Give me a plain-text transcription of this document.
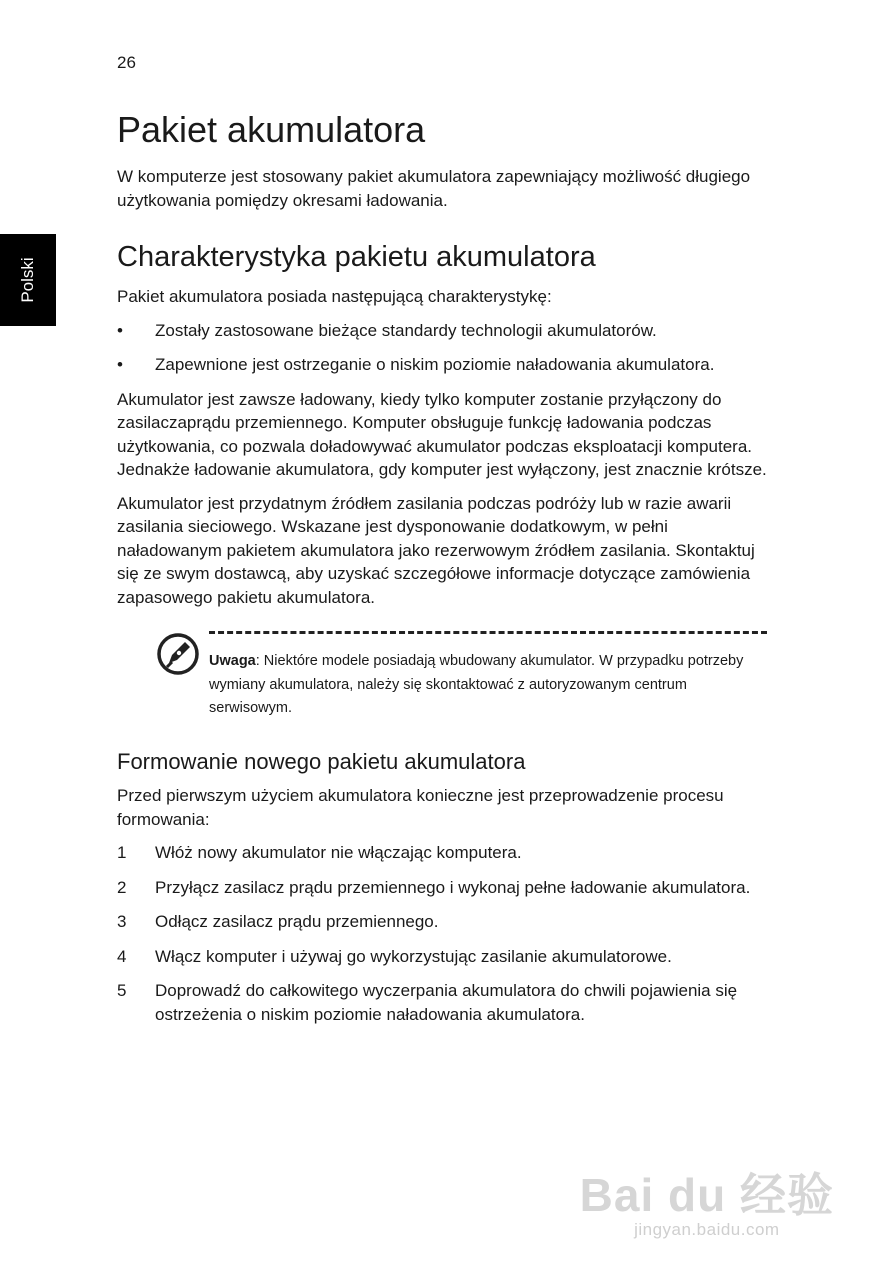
26
Polski
Pakiet akumulatora

W komputerze jest stosowany pakiet akumulatora zapewniający możliwość długiego użytkowania pomiędzy okresami ładowania.

Charakterystyka pakietu akumulatora

Pakiet akumulatora posiada następującą charakterystykę:

• Zostały zastosowane bieżące standardy technologii akumulatorów.
• Zapewnione jest ostrzeganie o niskim poziomie naładowania akumulatora.

Akumulator jest zawsze ładowany, kiedy tylko komputer zostanie przyłączony do zasilaczaprądu przemiennego. Komputer obsługuje funkcję ładowania podczas użytkowania, co pozwala doładowywać akumulator podczas eksploatacji komputera. Jednakże ładowanie akumulatora, gdy komputer jest wyłączony, jest znacznie krótsze.

Akumulator jest przydatnym źródłem zasilania podczas podróży lub w razie awarii zasilania sieciowego. Wskazane jest dysponowanie dodatkowym, w pełni naładowanym pakietem akumulatora jako rezerwowym źródłem zasilania. Skontaktuj się ze swym dostawcą, aby uzyskać szczegółowe informacje dotyczące zamówienia zapasowego pakietu akumulatora.

Uwaga: Niektóre modele posiadają wbudowany akumulator. W przypadku potrzeby wymiany akumulatora, należy się skontaktować z autoryzowanym centrum serwisowym.

Formowanie nowego pakietu akumulatora

Przed pierwszym użyciem akumulatora konieczne jest przeprowadzenie procesu formowania:

1 Włóż nowy akumulator nie włączając komputera.
2 Przyłącz zasilacz prądu przemiennego i wykonaj pełne ładowanie akumulatora.
3 Odłącz zasilacz prądu przemiennego.
4 Włącz komputer i używaj go wykorzystując zasilanie akumulatorowe.
5 Doprowadź do całkowitego wyczerpania akumulatora do chwili pojawienia się ostrzeżenia o niskim poziomie naładowania akumulatora.
Bai du 经验
jingyan.baidu.com
